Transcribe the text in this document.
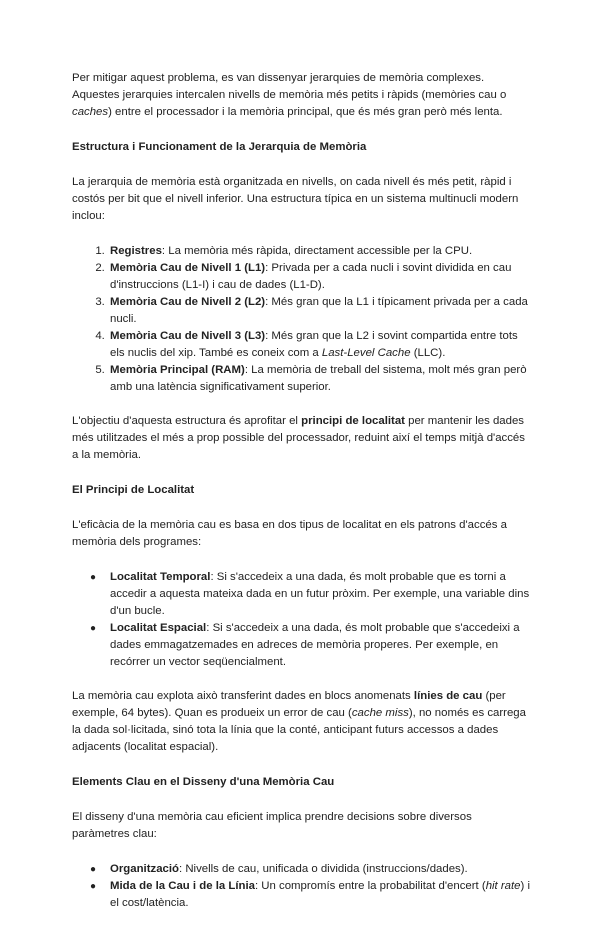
Per mitigar aquest problema, es van dissenyar jerarquies de memòria complexes. Aquestes jerarquies intercalen nivells de memòria més petits i ràpids (memòries cau o caches) entre el processador i la memòria principal, que és més gran però més lenta.

Estructura i Funcionament de la Jerarquia de Memòria

La jerarquia de memòria està organitzada en nivells, on cada nivell és més petit, ràpid i costós per bit que el nivell inferior. Una estructura típica en un sistema multinucli modern inclou:

1. Registres: La memòria més ràpida, directament accessible per la CPU.
2. Memòria Cau de Nivell 1 (L1): Privada per a cada nucli i sovint dividida en cau d'instruccions (L1-I) i cau de dades (L1-D).
3. Memòria Cau de Nivell 2 (L2): Més gran que la L1 i típicament privada per a cada nucli.
4. Memòria Cau de Nivell 3 (L3): Més gran que la L2 i sovint compartida entre tots els nuclis del xip. També es coneix com a Last-Level Cache (LLC).
5. Memòria Principal (RAM): La memòria de treball del sistema, molt més gran però amb una latència significativament superior.

L'objectiu d'aquesta estructura és aprofitar el principi de localitat per mantenir les dades més utilitzades el més a prop possible del processador, reduint així el temps mitjà d'accés a la memòria.

El Principi de Localitat

L'eficàcia de la memòria cau es basa en dos tipus de localitat en els patrons d'accés a memòria dels programes:

● Localitat Temporal: Si s'accedeix a una dada, és molt probable que es torni a accedir a aquesta mateixa dada en un futur pròxim. Per exemple, una variable dins d'un bucle.
● Localitat Espacial: Si s'accedeix a una dada, és molt probable que s'accedeixi a dades emmagatzemades en adreces de memòria properes. Per exemple, en recórrer un vector seqüencialment.

La memòria cau explota això transferint dades en blocs anomenats línies de cau (per exemple, 64 bytes). Quan es produeix un error de cau (cache miss), no només es carrega la dada sol·licitada, sinó tota la línia que la conté, anticipant futurs accessos a dades adjacents (localitat espacial).

Elements Clau en el Disseny d'una Memòria Cau

El disseny d'una memòria cau eficient implica prendre decisions sobre diversos paràmetres clau:

● Organització: Nivells de cau, unificada o dividida (instruccions/dades).
● Mida de la Cau i de la Línia: Un compromís entre la probabilitat d'encert (hit rate) i el cost/latència.
